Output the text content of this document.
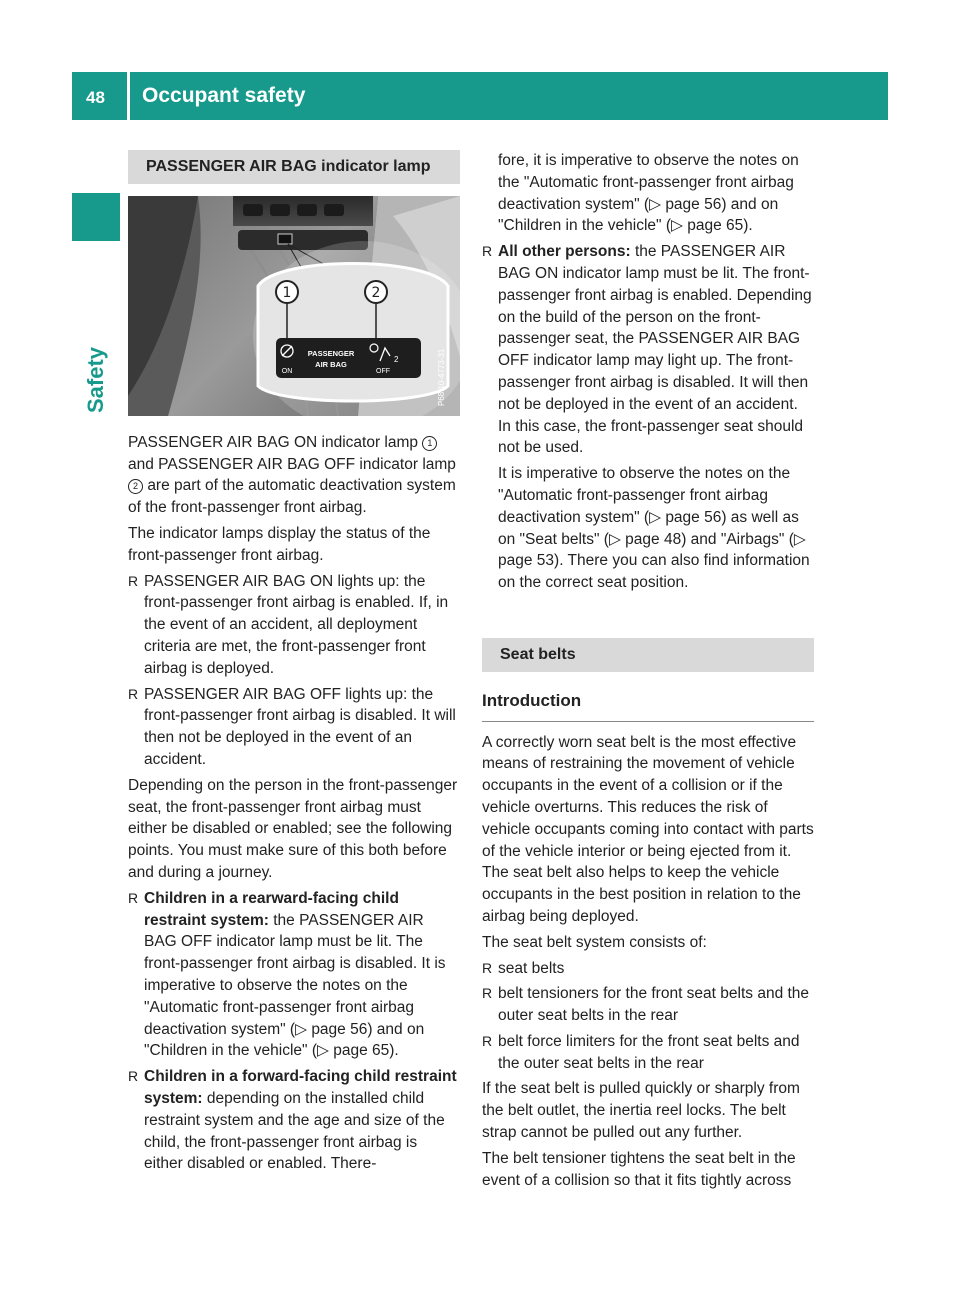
48 Occupant safety
Safety
PASSENGER AIR BAG indicator lamp
1	2
ON
PASSENGER
AIR BAG
2
OFF	P68.10-4773-31

PASSENGER AIR BAG ON indicator lamp 1 and PASSENGER AIR BAG OFF indicator lamp 2 are part of the automatic deactivation system of the front-passenger front airbag.

The indicator lamps display the status of the front-passenger front airbag.

R PASSENGER AIR BAG ON lights up: the front-passenger front airbag is enabled. If, in the event of an accident, all deployment criteria are met, the front-passenger front airbag is deployed.
R PASSENGER AIR BAG OFF lights up: the front-passenger front airbag is disabled. It will then not be deployed in the event of an accident.

Depending on the person in the front-passenger seat, the front-passenger front airbag must either be disabled or enabled; see the following points. You must make sure of this both before and during a journey.

R Children in a rearward-facing child restraint system: the PASSENGER AIR BAG OFF indicator lamp must be lit. The front-passenger front airbag is disabled. It is imperative to observe the notes on the "Automatic front-passenger front airbag deactivation system" (▷ page 56) and on "Children in the vehicle" (▷ page 65).
R Children in a forward-facing child restraint system: depending on the installed child restraint system and the age and size of the child, the front-passenger front airbag is either disabled or enabled. There-

fore, it is imperative to observe the notes on the "Automatic front-passenger front airbag deactivation system" (▷ page 56) and on "Children in the vehicle" (▷ page 65).

R All other persons: the PASSENGER AIR BAG ON indicator lamp must be lit. The front-passenger front airbag is enabled. Depending on the build of the person on the front-passenger seat, the PASSENGER AIR BAG OFF indicator lamp may light up. The front-passenger front airbag is disabled. It will then not be deployed in the event of an accident. In this case, the front-passenger seat should not be used.

It is imperative to observe the notes on the "Automatic front-passenger front airbag deactivation system" (▷ page 56) as well as on "Seat belts" (▷ page 48) and "Airbags" (▷ page 53). There you can also find information on the correct seat position.

Seat belts
Introduction

A correctly worn seat belt is the most effective means of restraining the movement of vehicle occupants in the event of a collision or if the vehicle overturns. This reduces the risk of vehicle occupants coming into contact with parts of the vehicle interior or being ejected from it. The seat belt also helps to keep the vehicle occupants in the best position in relation to the airbag being deployed.

The seat belt system consists of:

R seat belts
R belt tensioners for the front seat belts and the outer seat belts in the rear
R belt force limiters for the front seat belts and the outer seat belts in the rear

If the seat belt is pulled quickly or sharply from the belt outlet, the inertia reel locks. The belt strap cannot be pulled out any further.

The belt tensioner tightens the seat belt in the event of a collision so that it fits tightly across
